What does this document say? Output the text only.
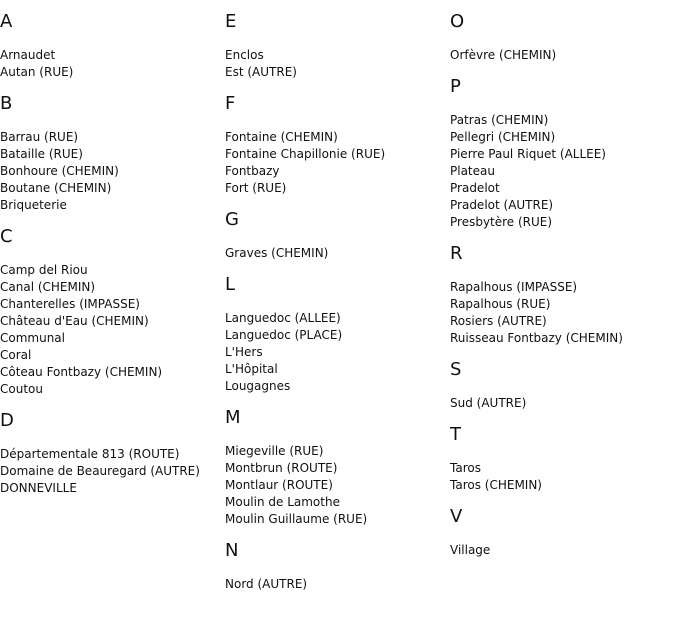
A
Arnaudet
Autan (RUE)
B
Barrau (RUE)
Bataille (RUE)
Bonhoure (CHEMIN)
Boutane (CHEMIN)
Briqueterie
C
Camp del Riou
Canal (CHEMIN)
Chanterelles (IMPASSE)
Château d'Eau (CHEMIN)
Communal
Coral
Côteau Fontbazy (CHEMIN)
Coutou
D
Départementale 813 (ROUTE)
Domaine de Beauregard (AUTRE)
DONNEVILLE
E
Enclos
Est (AUTRE)
F
Fontaine (CHEMIN)
Fontaine Chapillonie (RUE)
Fontbazy
Fort (RUE)
G
Graves (CHEMIN)
L
Languedoc (ALLEE)
Languedoc (PLACE)
L'Hers
L'Hôpital
Lougagnes
M
Miegeville (RUE)
Montbrun (ROUTE)
Montlaur (ROUTE)
Moulin de Lamothe
Moulin Guillaume (RUE)
N
Nord (AUTRE)
O
Orfèvre (CHEMIN)
P
Patras (CHEMIN)
Pellegri (CHEMIN)
Pierre Paul Riquet (ALLEE)
Plateau
Pradelot
Pradelot (AUTRE)
Presbytère (RUE)
R
Rapalhous (IMPASSE)
Rapalhous (RUE)
Rosiers (AUTRE)
Ruisseau Fontbazy (CHEMIN)
S
Sud (AUTRE)
T
Taros
Taros (CHEMIN)
V
Village
